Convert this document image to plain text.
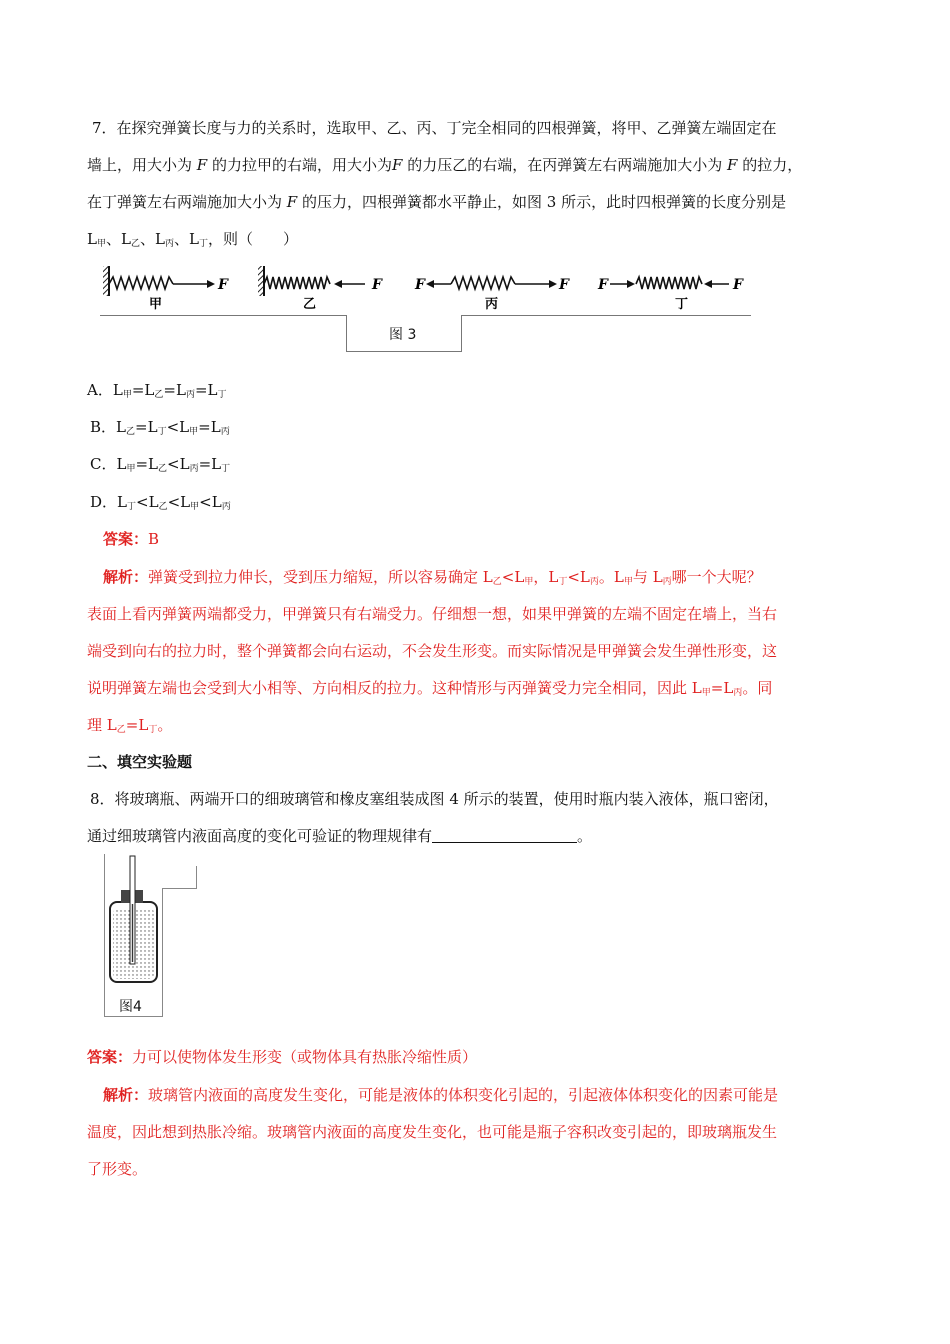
7．在探究弹簧长度与力的关系时，选取甲、乙、丙、丁完全相同的四根弹簧，将甲、乙弹簧左端固定在
墙上，用大小为 F 的力拉甲的右端，用大小为F 的力压乙的右端，在丙弹簧左右两端施加大小为 F 的拉力，
在丁弹簧左右两端施加大小为 F 的压力，四根弹簧都水平静止，如图 3 所示，此时四根弹簧的长度分别是
$L_甲$、$L_乙$、$L_丙$、$L_丁$，则（　　）
F
甲
F
乙
F	F
丙
F	F
丁
图 3
A．$L_甲=L_乙=L_丙=L_丁$
B．$L_乙=L_丁<L_甲=L_丙$
C．$L_甲=L_乙<L_丙=L_丁$
D．$L_丁<L_乙<L_甲<L_丙$
答案：B
解析：弹簧受到拉力伸长，受到压力缩短，所以容易确定 $L_乙<L_甲$，$L_丁<L_丙$。$L_甲$与 $L_丙$哪一个大呢？
表面上看丙弹簧两端都受力，甲弹簧只有右端受力。仔细想一想，如果甲弹簧的左端不固定在墙上，当右
端受到向右的拉力时，整个弹簧都会向右运动，不会发生形变。而实际情况是甲弹簧会发生弹性形变，这
说明弹簧左端也会受到大小相等、方向相反的拉力。这种情形与丙弹簧受力完全相同，因此 $L_甲=L_丙$。同
理 $L_乙=L_丁$。
二、填空实验题
8．将玻璃瓶、两端开口的细玻璃管和橡皮塞组装成图 4 所示的装置，使用时瓶内装入液体，瓶口密闭，
通过细玻璃管内液面高度的变化可验证的物理规律有	。
图4
答案：力可以使物体发生形变（或物体具有热胀冷缩性质）
解析：玻璃管内液面的高度发生变化，可能是液体的体积变化引起的，引起液体体积变化的因素可能是
温度，因此想到热胀冷缩。玻璃管内液面的高度发生变化，也可能是瓶子容积改变引起的，即玻璃瓶发生
了形变。
